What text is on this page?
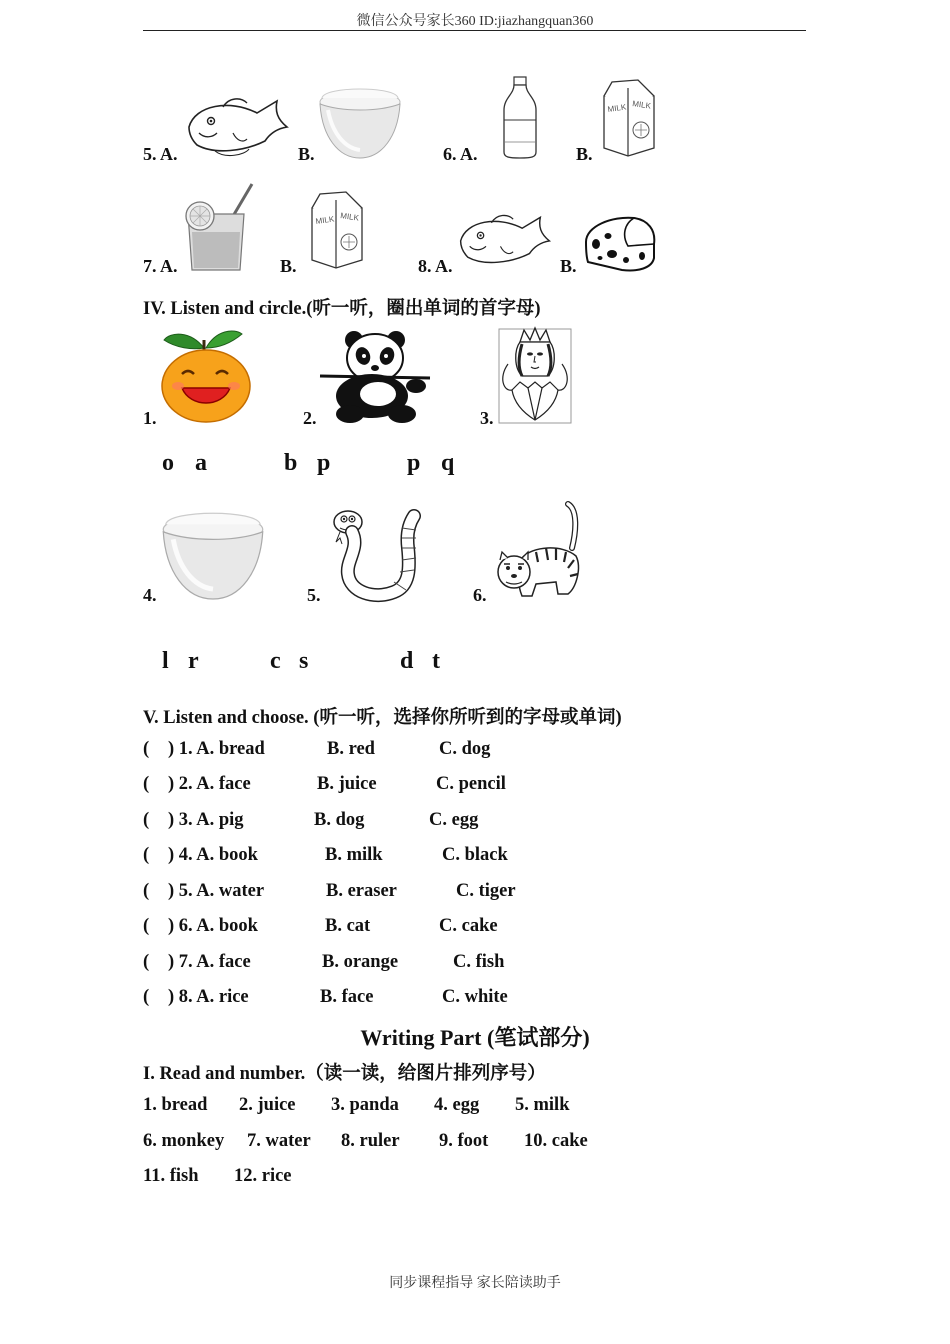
微信公众号家长360 ID:jiazhangquan360
5. A.	B.	6. A.	B.
MILK MILK
7. A.	B.
MILK MILK
8. A.	B.
IV. Listen and circle.(听一听，圈出单词的首字母)
1.	2.	3.
o a	b p	p q
4.	5.	6.
l r	c s	d t
V. Listen and choose. (听一听，选择你所听到的字母或单词)
( ) 1. A. bread	B. red	C. dog
( ) 2. A. face	B. juice	C. pencil
( ) 3. A. pig	B. dog	C. egg
( ) 4. A. book	B. milk	C. black
( ) 5. A. water	B. eraser	C. tiger
( ) 6. A. book	B. cat	C. cake
( ) 7. A. face	B. orange	C. fish
( ) 8. A. rice	B. face	C. white
Writing Part (笔试部分)
I. Read and number.（读一读，给图片排列序号）
1. bread 2. juice 3. panda 4. egg 5. milk
6. monkey 7. water 8. ruler 9. foot 10. cake
11. fish 12. rice
同步课程指导 家长陪读助手
